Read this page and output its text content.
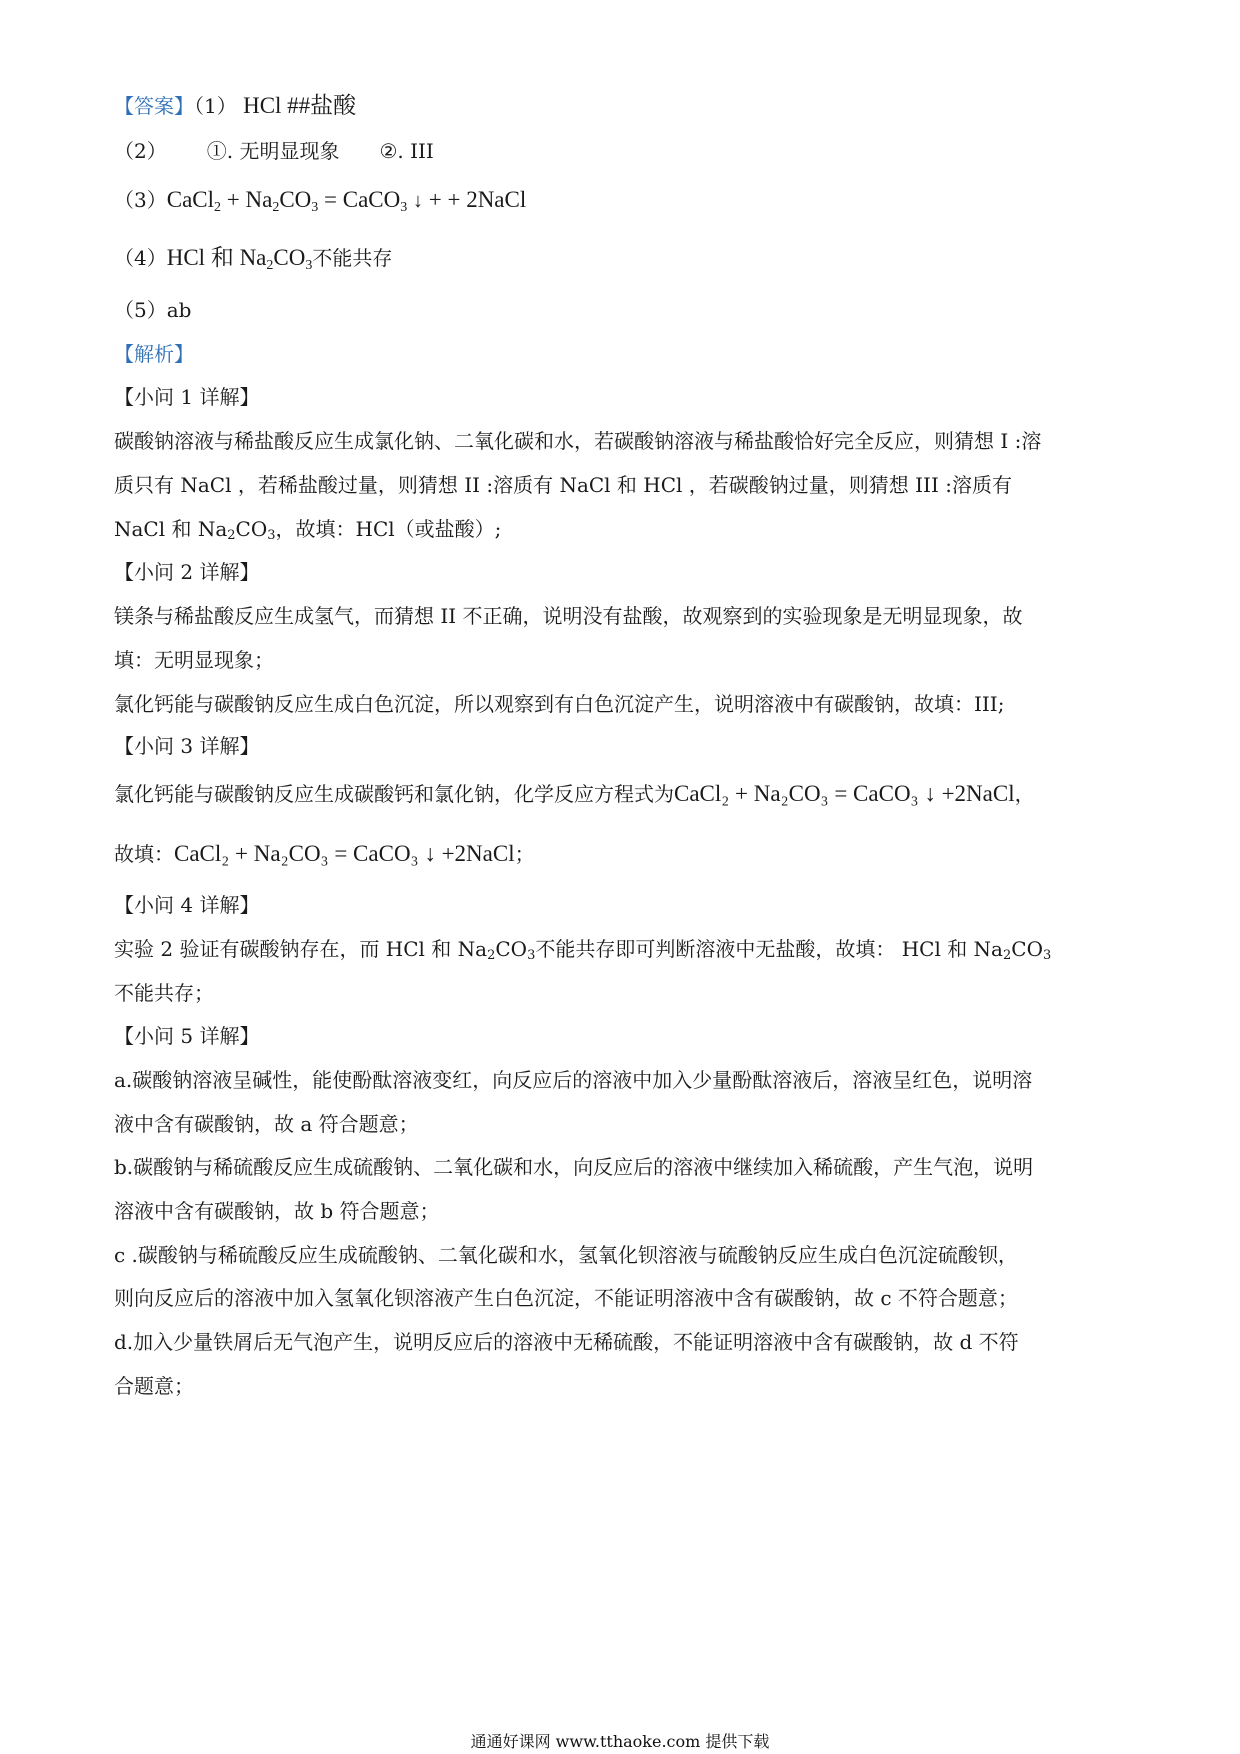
【答案】（1） HCl ##盐酸
（2） ①. 无明显现象 ②. III
（3）CaCl$_2$ + $Na_2CO_3$ = CaCO$_3$ ↓ + + 2NaCl
（4）HCl 和 $Na_2CO_3$不能共存
（5）ab
【解析】
【小问 1 详解】
碳酸钠溶液与稀盐酸反应生成氯化钠、二氧化碳和水，若碳酸钠溶液与稀盐酸恰好完全反应，则猜想 I :溶
质只有 NaCl ，若稀盐酸过量，则猜想 II :溶质有 NaCl 和 HCl ，若碳酸钠过量，则猜想 III :溶质有
NaCl 和 $Na_2CO_3$，故填：HCl（或盐酸）;
【小问 2 详解】
镁条与稀盐酸反应生成氢气，而猜想 II 不正确，说明没有盐酸，故观察到的实验现象是无明显现象，故
填：无明显现象；
氯化钙能与碳酸钠反应生成白色沉淀，所以观察到有白色沉淀产生，说明溶液中有碳酸钠，故填：III;
【小问 3 详解】
氯化钙能与碳酸钠反应生成碳酸钙和氯化钠，化学反应方程式为CaCl₂ + Na₂CO₃ = CaCO₃ ↓ +2NaCl，
故填：CaCl₂ + Na₂CO₃ = CaCO₃ ↓ +2NaCl；
【小问 4 详解】
实验 2 验证有碳酸钠存在，而 HCl 和 $Na_2CO_3$不能共存即可判断溶液中无盐酸，故填： HCl 和 $Na_2CO_3$
不能共存；
【小问 5 详解】
a.碳酸钠溶液呈碱性，能使酚酞溶液变红，向反应后的溶液中加入少量酚酞溶液后，溶液呈红色，说明溶
液中含有碳酸钠，故 a 符合题意；
b.碳酸钠与稀硫酸反应生成硫酸钠、二氧化碳和水，向反应后的溶液中继续加入稀硫酸，产生气泡，说明
溶液中含有碳酸钠，故 b 符合题意；
c .碳酸钠与稀硫酸反应生成硫酸钠、二氧化碳和水，氢氧化钡溶液与硫酸钠反应生成白色沉淀硫酸钡，
则向反应后的溶液中加入氢氧化钡溶液产生白色沉淀，不能证明溶液中含有碳酸钠，故 c 不符合题意；
d.加入少量铁屑后无气泡产生，说明反应后的溶液中无稀硫酸，不能证明溶液中含有碳酸钠，故 d 不符
合题意；
通通好课网 www.tthaoke.com 提供下载
